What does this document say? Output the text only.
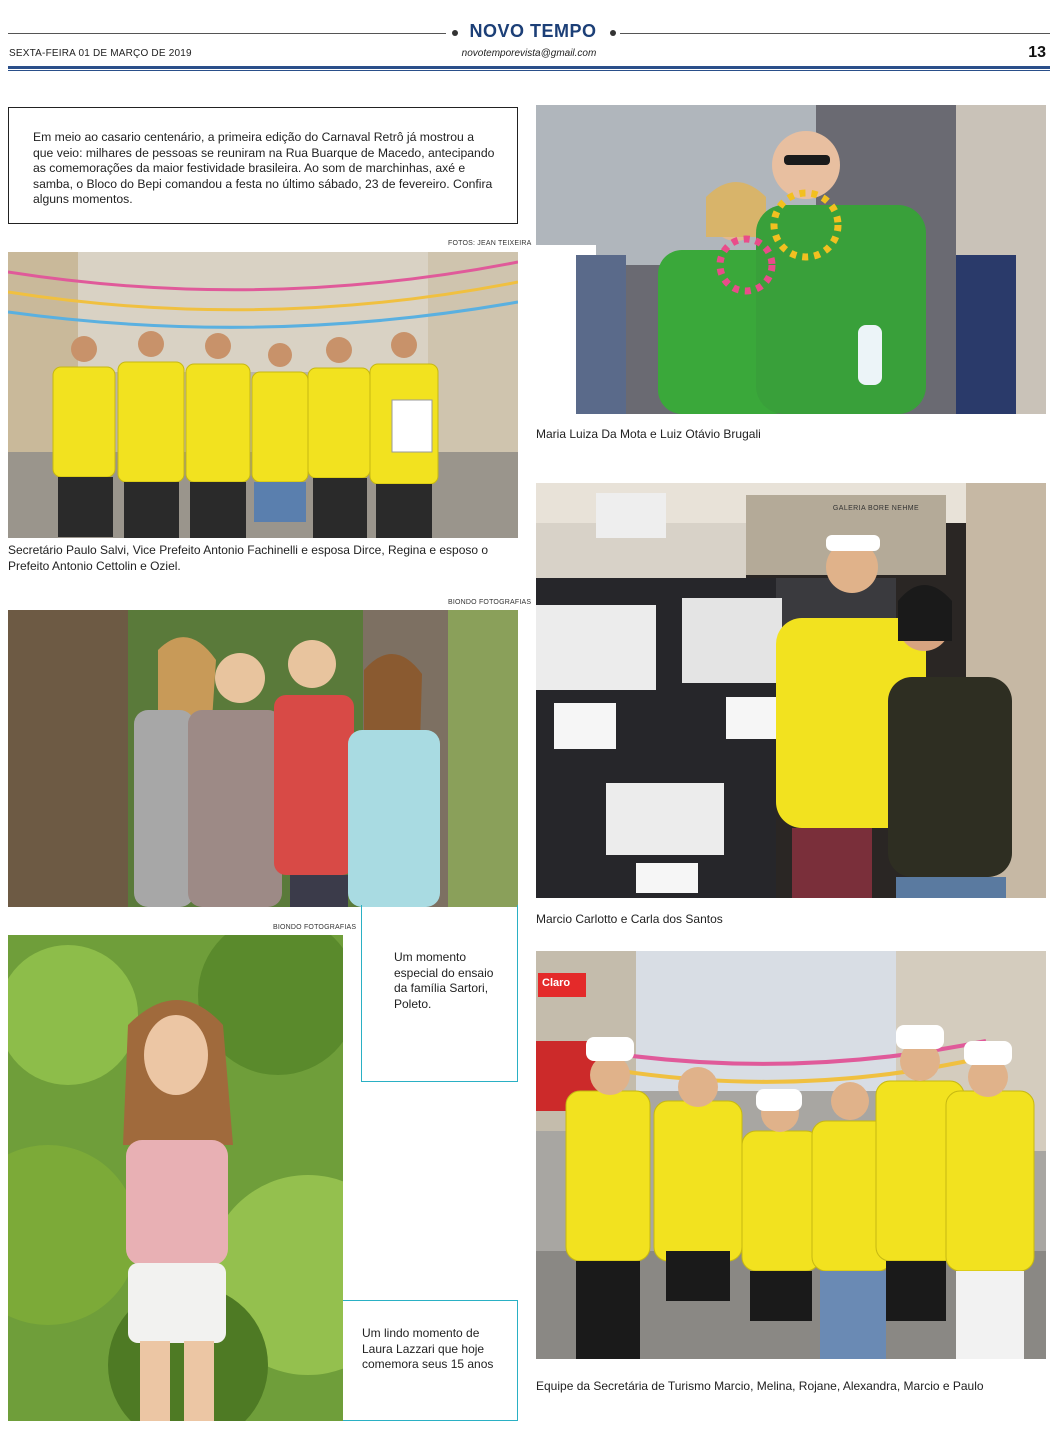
NOVO TEMPO
SEXTA-FEIRA 01 DE MARÇO DE 2019	novotemporevista@gmail.com	13

Em meio ao casario centenário, a primeira edição do Carnaval Retrô já mostrou a que veio: milhares de pessoas se reuniram na Rua Buarque de Macedo, antecipando as comemorações da maior festividade brasileira. Ao som de marchinhas, axé e samba, o Bloco do Bepi comandou a festa no último sábado, 23 de fevereiro. Confira alguns momentos.

FOTOS: JEAN TEIXEIRA
Secretário Paulo Salvi, Vice Prefeito Antonio Fachinelli e esposa Dirce, Regina e esposo o Prefeito Antonio Cettolin e Oziel.
BIONDO FOTOGRAFIAS
BIONDO FOTOGRAFIAS
Um momento especial do ensaio da família Sartori, Poleto.
Um lindo momento de Laura Lazzari que hoje comemora seus 15 anos
Maria Luiza Da Mota e Luiz Otávio Brugali
GALERIA BORE NEHME
Marcio Carlotto e Carla dos Santos
Claro
Equipe da Secretária de Turismo Marcio, Melina, Rojane, Alexandra, Marcio e Paulo
